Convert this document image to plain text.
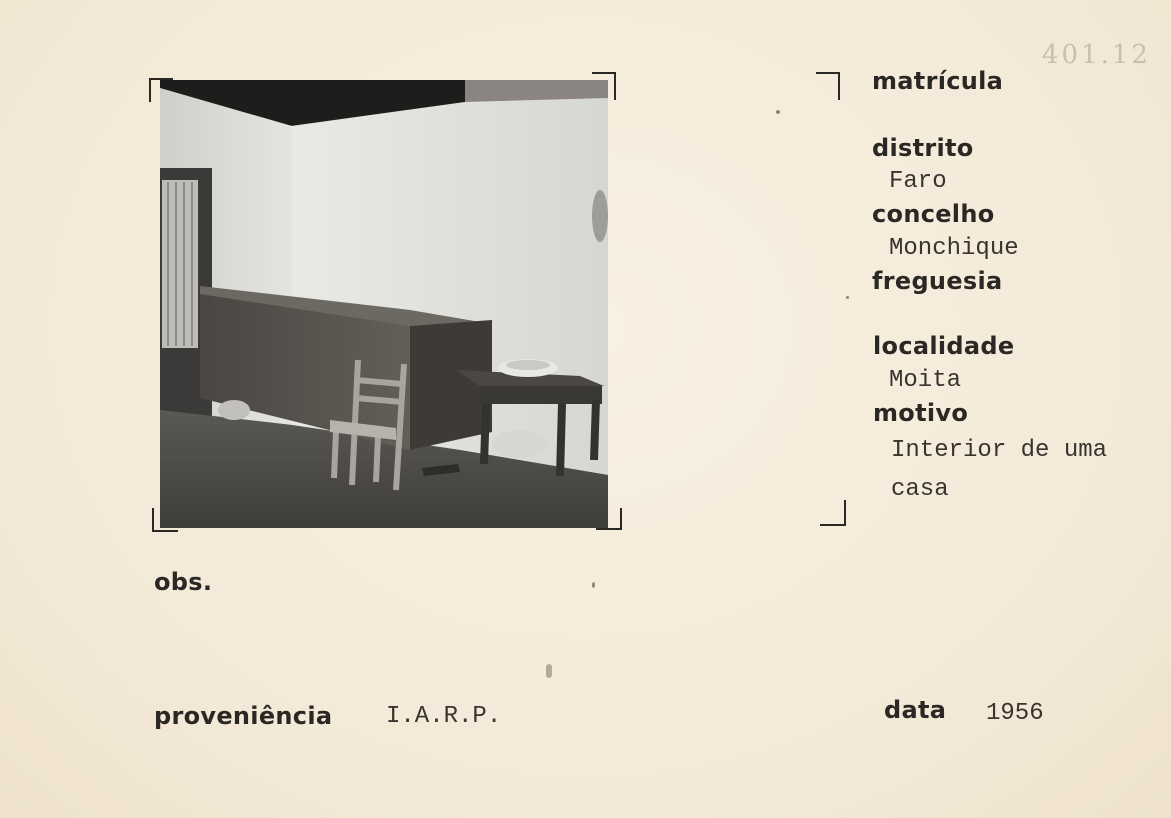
401.12
matrícula
distrito
Faro
concelho
Monchique
freguesia
localidade
Moita
motivo
Interior de uma
casa
obs.
proveniência I.A.R.P.	data 1956
